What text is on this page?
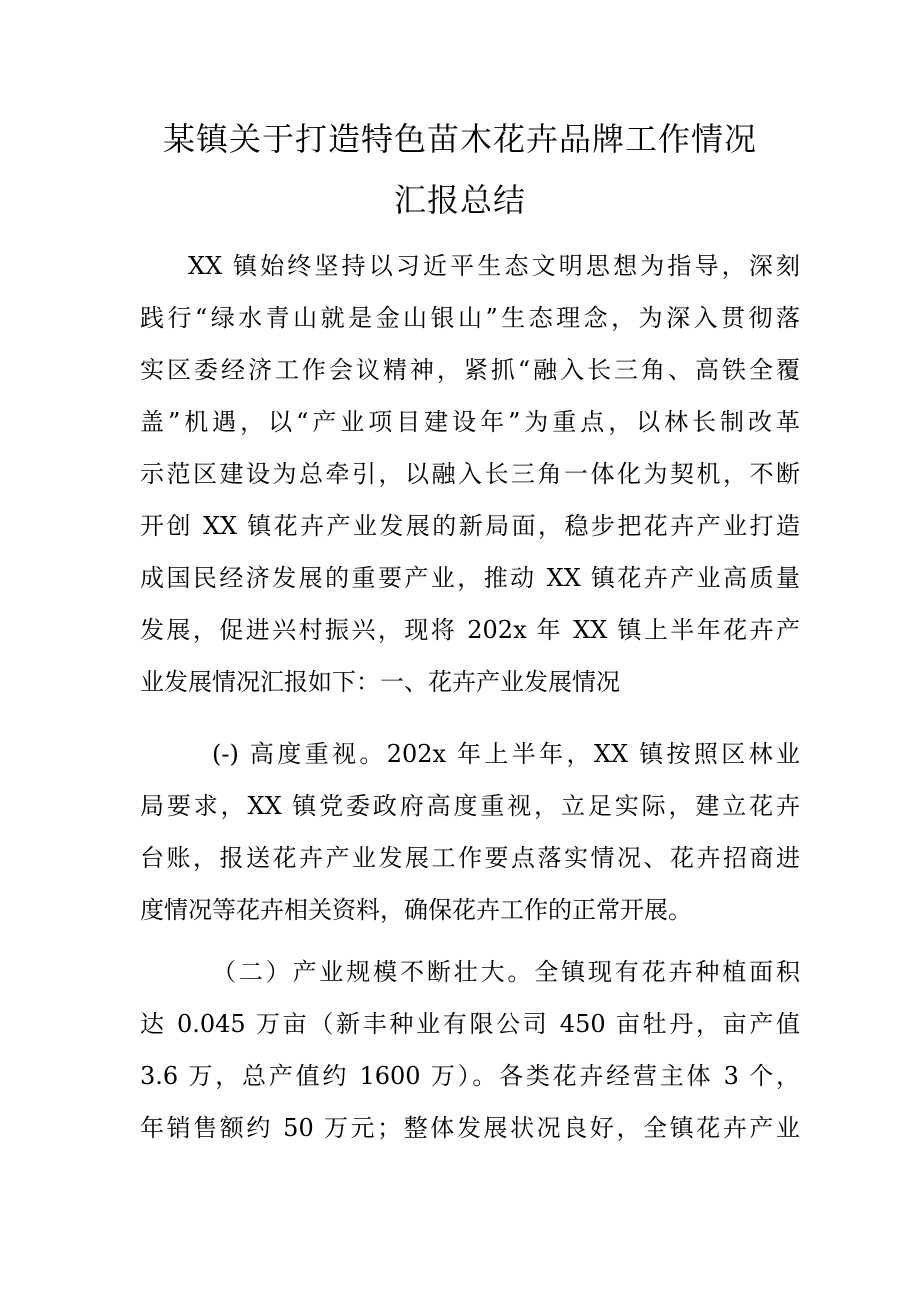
某镇关于打造特色苗木花卉品牌工作情况
汇报总结
XX 镇始终坚持以习近平生态文明思想为指导，深刻
践行“绿水青山就是金山银山”生态理念，为深入贯彻落
实区委经济工作会议精神，紧抓“融入长三角、高铁全覆
盖”机遇，以“产业项目建设年”为重点，以林长制改革
示范区建设为总牵引，以融入长三角一体化为契机，不断
开创 XX 镇花卉产业发展的新局面，稳步把花卉产业打造
成国民经济发展的重要产业，推动 XX 镇花卉产业高质量
发展，促进兴村振兴，现将 202x 年 XX 镇上半年花卉产
业发展情况汇报如下：一、花卉产业发展情况
(-) 高度重视。202x 年上半年，XX 镇按照区林业
局要求，XX 镇党委政府高度重视，立足实际，建立花卉
台账，报送花卉产业发展工作要点落实情况、花卉招商进
度情况等花卉相关资料，确保花卉工作的正常开展。
（二）产业规模不断壮大。全镇现有花卉种植面积
达 0.045 万亩（新丰种业有限公司 450 亩牡丹，亩产值
3.6 万，总产值约 1600 万）。各类花卉经营主体 3 个，
年销售额约 50 万元；整体发展状况良好，全镇花卉产业
